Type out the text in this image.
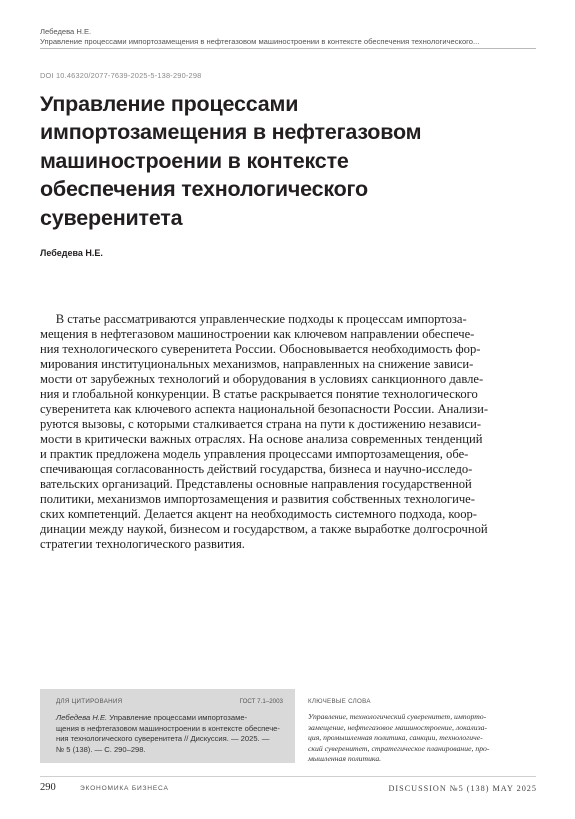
Лебедева Н.Е.
Управление процессами импортозамещения в нефтегазовом машиностроении в контексте обеспечения технологического...
DOI 10.46320/2077-7639-2025-5-138-290-298
Управление процессами
импортозамещения в нефтегазовом
машиностроении в контексте
обеспечения технологического
суверенитета
Лебедева Н.Е.
В статье рассматриваются управленческие подходы к процессам импортоза-
мещения в нефтегазовом машиностроении как ключевом направлении обеспече-
ния технологического суверенитета России. Обосновывается необходимость фор-
мирования институциональных механизмов, направленных на снижение зависи-
мости от зарубежных технологий и оборудования в условиях санкционного давле-
ния и глобальной конкуренции. В статье раскрывается понятие технологического
суверенитета как ключевого аспекта национальной безопасности России. Анализи-
руются вызовы, с которыми сталкивается страна на пути к достижению независи-
мости в критически важных отраслях. На основе анализа современных тенденций
и практик предложена модель управления процессами импортозамещения, обе-
спечивающая согласованность действий государства, бизнеса и научно-исследо-
вательских организаций. Представлены основные направления государственной
политики, механизмов импортозамещения и развития собственных технологиче-
ских компетенций. Делается акцент на необходимость системного подхода, коор-
динации между наукой, бизнесом и государством, а также выработке долгосрочной
стратегии технологического развития.
ДЛЯ ЦИТИРОВАНИЯ	ГОСТ 7.1–2003
Лебедева Н.Е. Управление процессами импортозаме-
щения в нефтегазовом машиностроении в контексте обеспече-
ния технологического суверенитета // Дискуссия. — 2025. —
№ 5 (138). — С. 290–298.
КЛЮЧЕВЫЕ СЛОВА
Управление, технологический суверенитет, импорто-
замещение, нефтегазовое машиностроение, локализа-
ция, промышленная политика, санкции, технологиче-
ский суверенитет, стратегическое планирование, про-
мышленная политика.
290	ЭКОНОМИКА БИЗНЕСА	DISCUSSION №5 (138) MAY 2025
